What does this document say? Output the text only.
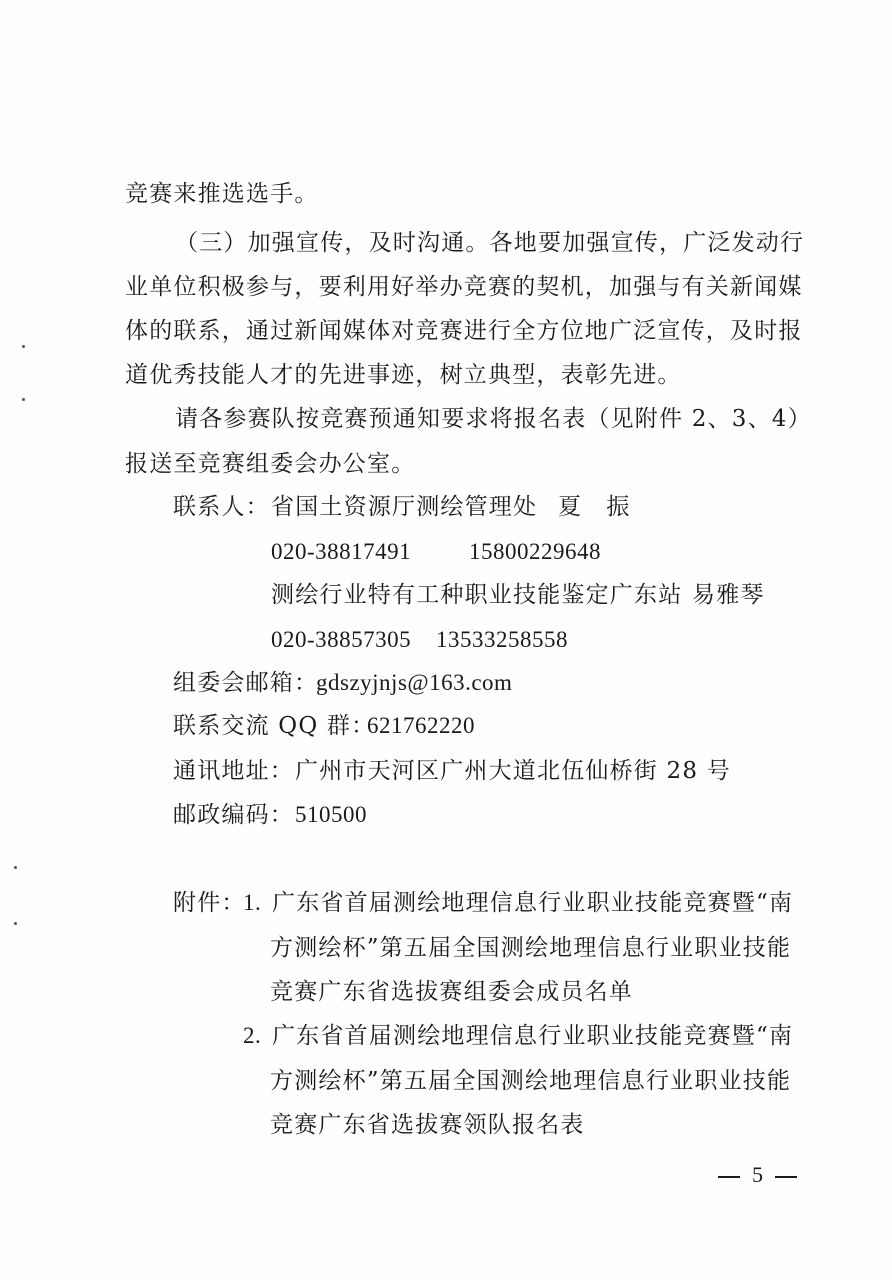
竞赛来推选选手。
（三）加强宣传，及时沟通。各地要加强宣传，广泛发动行
业单位积极参与，要利用好举办竞赛的契机，加强与有关新闻媒
体的联系，通过新闻媒体对竞赛进行全方位地广泛宣传，及时报
道优秀技能人才的先进事迹，树立典型，表彰先进。
请各参赛队按竞赛预通知要求将报名表（见附件 2、3、4）
报送至竞赛组委会办公室。
联系人： 省国土资源厅测绘管理处 夏　振
020-38817491	15800229648
测绘行业特有工种职业技能鉴定广东站 易雅琴
020-38857305 13533258558
组委会邮箱：
gdszyjnjs@163.com
联系交流 QQ 群：
621762220
通讯地址： 广州市天河区广州大道北伍仙桥街 28 号
邮政编码： 510500
附件：
1. 广东省首届测绘地理信息行业职业技能竞赛暨“南
方测绘杯”第五届全国测绘地理信息行业职业技能
竞赛广东省选拔赛组委会成员名单
2. 广东省首届测绘地理信息行业职业技能竞赛暨“南
方测绘杯”第五届全国测绘地理信息行业职业技能
竞赛广东省选拔赛领队报名表
5
